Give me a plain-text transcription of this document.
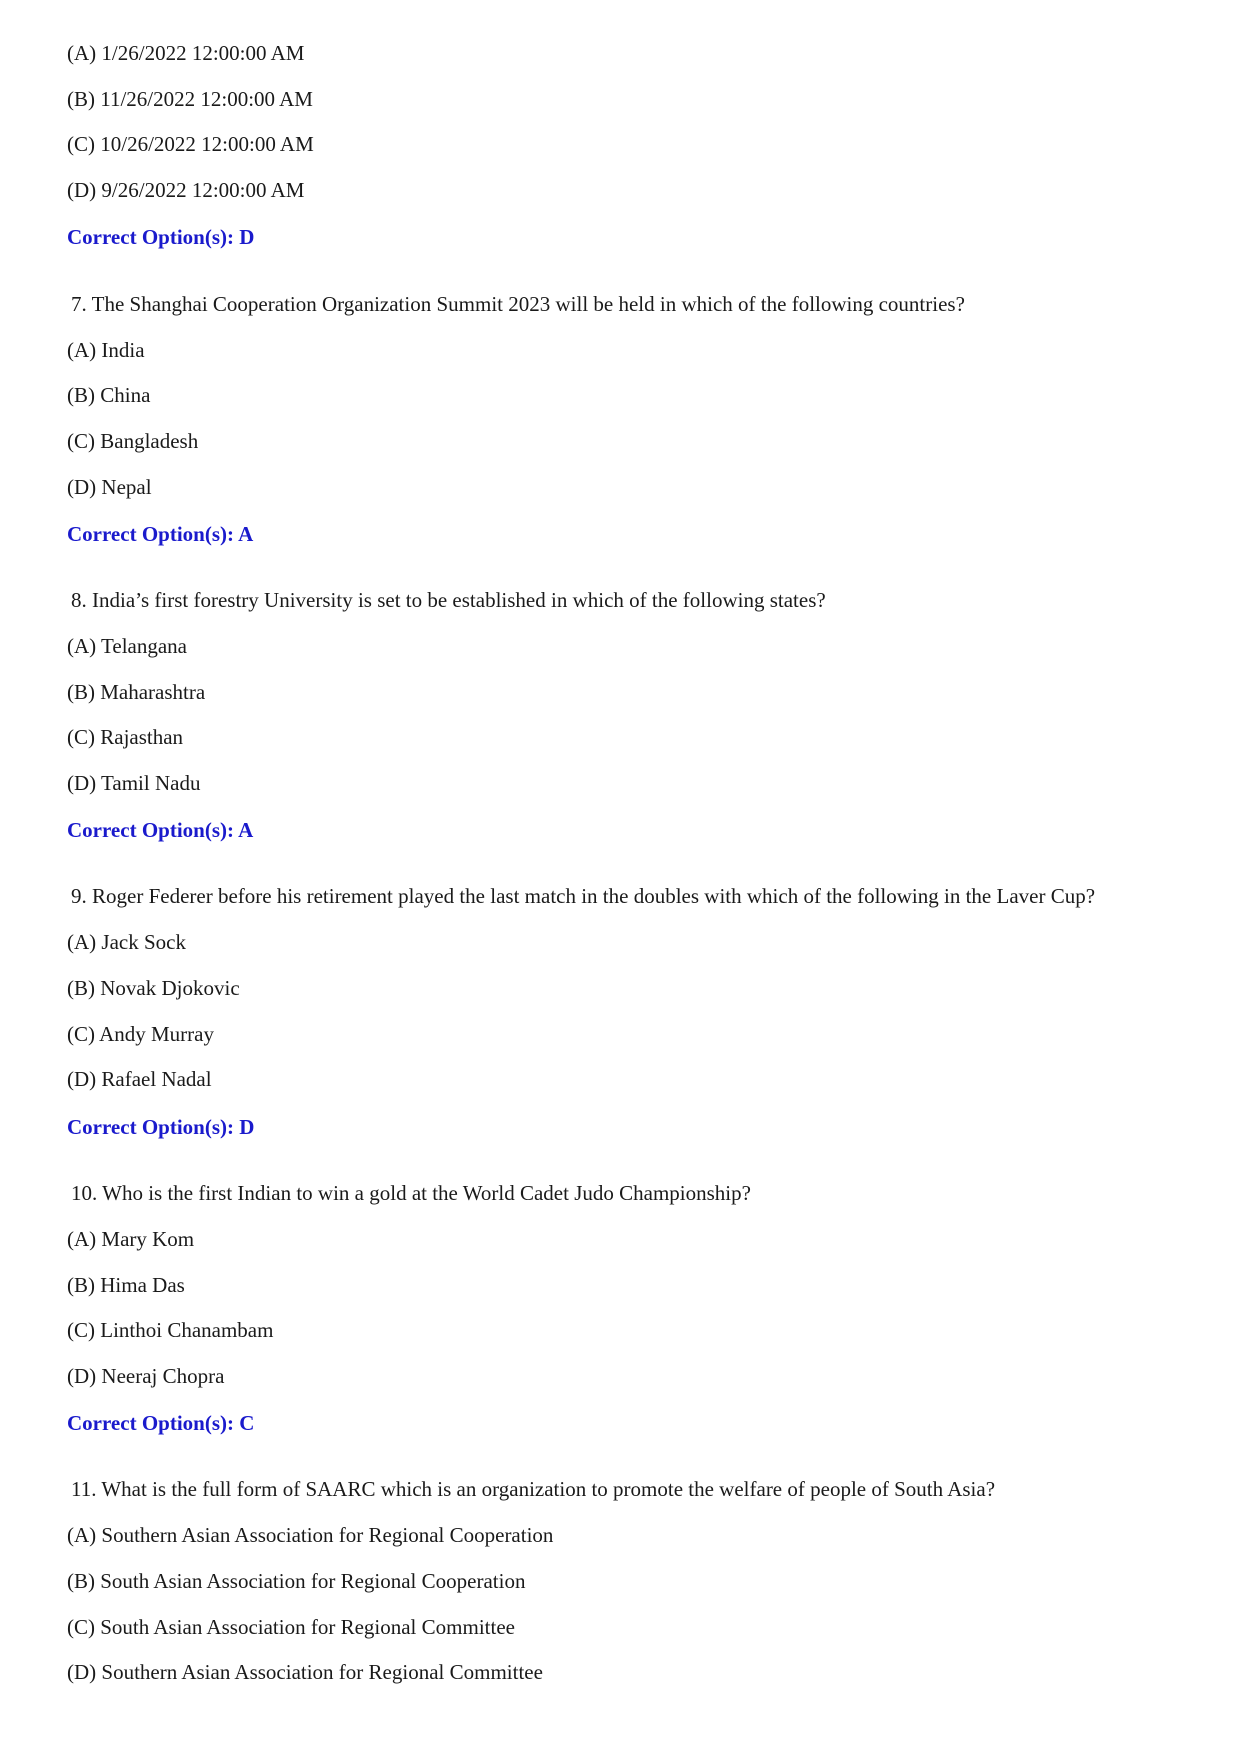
(A) 1/26/2022 12:00:00 AM
(B) 11/26/2022 12:00:00 AM
(C) 10/26/2022 12:00:00 AM
(D) 9/26/2022 12:00:00 AM
Correct Option(s): D
7. The Shanghai Cooperation Organization Summit 2023 will be held in which of the following countries?
(A) India
(B) China
(C) Bangladesh
(D) Nepal
Correct Option(s): A
8. India’s first forestry University is set to be established in which of the following states?
(A) Telangana
(B) Maharashtra
(C) Rajasthan
(D) Tamil Nadu
Correct Option(s): A
9. Roger Federer before his retirement played the last match in the doubles with which of the following in the Laver Cup?
(A) Jack Sock
(B) Novak Djokovic
(C) Andy Murray
(D) Rafael Nadal
Correct Option(s): D
10. Who is the first Indian to win a gold at the World Cadet Judo Championship?
(A) Mary Kom
(B) Hima Das
(C) Linthoi Chanambam
(D) Neeraj Chopra
Correct Option(s): C
11. What is the full form of SAARC which is an organization to promote the welfare of people of South Asia?
(A) Southern Asian Association for Regional Cooperation
(B) South Asian Association for Regional Cooperation
(C) South Asian Association for Regional Committee
(D) Southern Asian Association for Regional Committee
